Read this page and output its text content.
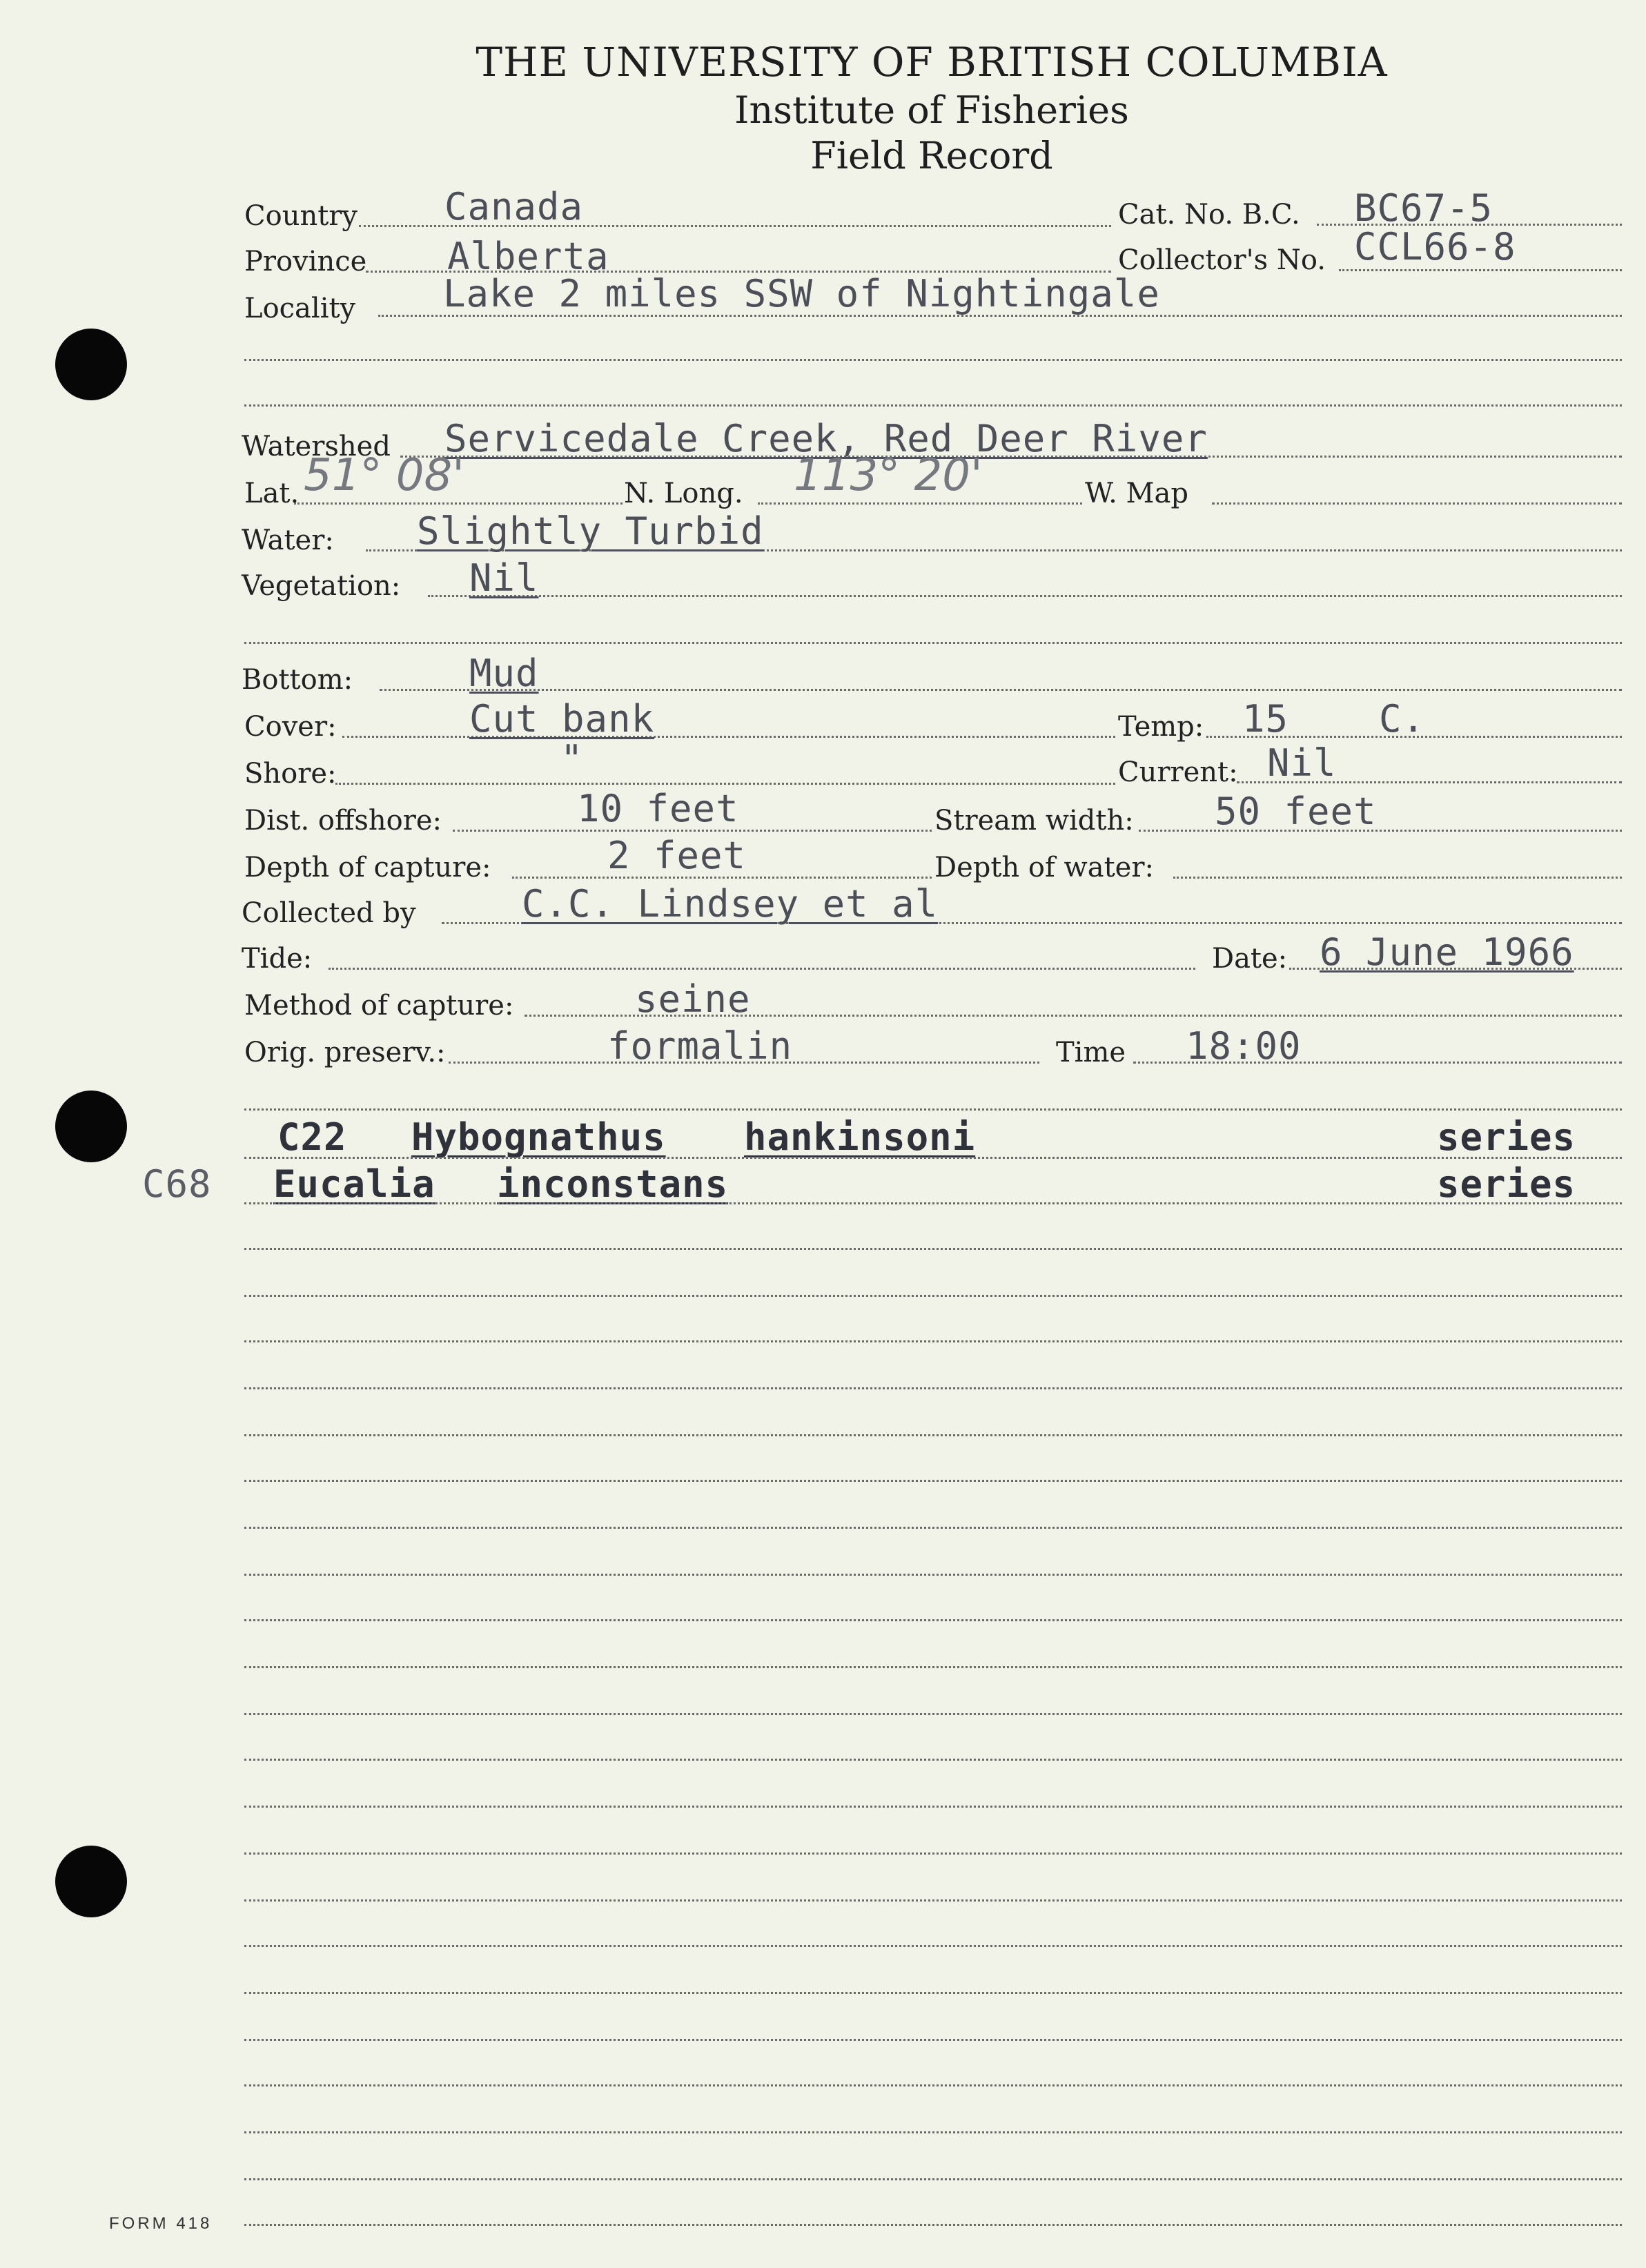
THE UNIVERSITY OF BRITISH COLUMBIA
Institute of Fisheries
Field Record
Country Canada	Cat. No. B.C. BC67-5
Province Alberta	Collector's No. CCL66-8
Locality Lake 2 miles SSW of Nightingale
Watershed Servicedale Creek, Red Deer River
Lat. 51° 08'	N. Long. 113° 20'	W. Map
Water: Slightly Turbid
Vegetation: Nil
Bottom:	Mud
Cover:	Cut bank	Temp: 15 C.
Shore:	"	Current: Nil
Dist. offshore:	10 feet	Stream width: 50 feet
Depth of capture:	2 feet	Depth of water:
Collected by	C.C. Lindsey et al
Tide:	Date: 6 June 1966
Method of capture:	seine
Orig. preserv.:	formalin	Time 18:00
C22 Hybognathus hankinsoni	series
C68 Eucalia inconstans	series
FORM 418
